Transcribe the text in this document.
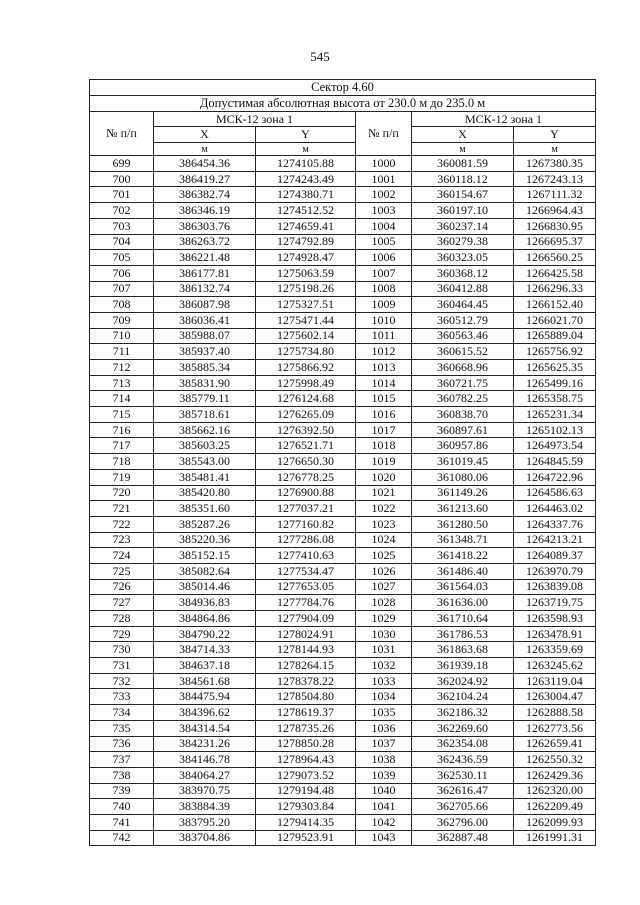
545
Сектор 4.60					
Допустимая абсолютная высота от 230.0 м до 235.0 м					
№ п/п	МСК-12 зона 1		№ п/п	МСК-12 зона 1	
	X	Y		X	Y
	м	м		м	м
699	386454.36	1274105.88	1000	360081.59	1267380.35
700	386419.27	1274243.49	1001	360118.12	1267243.13
701	386382.74	1274380.71	1002	360154.67	1267111.32
702	386346.19	1274512.52	1003	360197.10	1266964.43
703	386303.76	1274659.41	1004	360237.14	1266830.95
704	386263.72	1274792.89	1005	360279.38	1266695.37
705	386221.48	1274928.47	1006	360323.05	1266560.25
706	386177.81	1275063.59	1007	360368.12	1266425.58
707	386132.74	1275198.26	1008	360412.88	1266296.33
708	386087.98	1275327.51	1009	360464.45	1266152.40
709	386036.41	1275471.44	1010	360512.79	1266021.70
710	385988.07	1275602.14	1011	360563.46	1265889.04
711	385937.40	1275734.80	1012	360615.52	1265756.92
712	385885.34	1275866.92	1013	360668.96	1265625.35
713	385831.90	1275998.49	1014	360721.75	1265499.16
714	385779.11	1276124.68	1015	360782.25	1265358.75
715	385718.61	1276265.09	1016	360838.70	1265231.34
716	385662.16	1276392.50	1017	360897.61	1265102.13
717	385603.25	1276521.71	1018	360957.86	1264973.54
718	385543.00	1276650.30	1019	361019.45	1264845.59
719	385481.41	1276778.25	1020	361080.06	1264722.96
720	385420.80	1276900.88	1021	361149.26	1264586.63
721	385351.60	1277037.21	1022	361213.60	1264463.02
722	385287.26	1277160.82	1023	361280.50	1264337.76
723	385220.36	1277286.08	1024	361348.71	1264213.21
724	385152.15	1277410.63	1025	361418.22	1264089.37
725	385082.64	1277534.47	1026	361486.40	1263970.79
726	385014.46	1277653.05	1027	361564.03	1263839.08
727	384936.83	1277784.76	1028	361636.00	1263719.75
728	384864.86	1277904.09	1029	361710.64	1263598.93
729	384790.22	1278024.91	1030	361786.53	1263478.91
730	384714.33	1278144.93	1031	361863.68	1263359.69
731	384637.18	1278264.15	1032	361939.18	1263245.62
732	384561.68	1278378.22	1033	362024.92	1263119.04
733	384475.94	1278504.80	1034	362104.24	1263004.47
734	384396.62	1278619.37	1035	362186.32	1262888.58
735	384314.54	1278735.26	1036	362269.60	1262773.56
736	384231.26	1278850.28	1037	362354.08	1262659.41
737	384146.78	1278964.43	1038	362436.59	1262550.32
738	384064.27	1279073.52	1039	362530.11	1262429.36
739	383970.75	1279194.48	1040	362616.47	1262320.00
740	383884.39	1279303.84	1041	362705.66	1262209.49
741	383795.20	1279414.35	1042	362796.00	1262099.93
742	383704.86	1279523.91	1043	362887.48	1261991.31
